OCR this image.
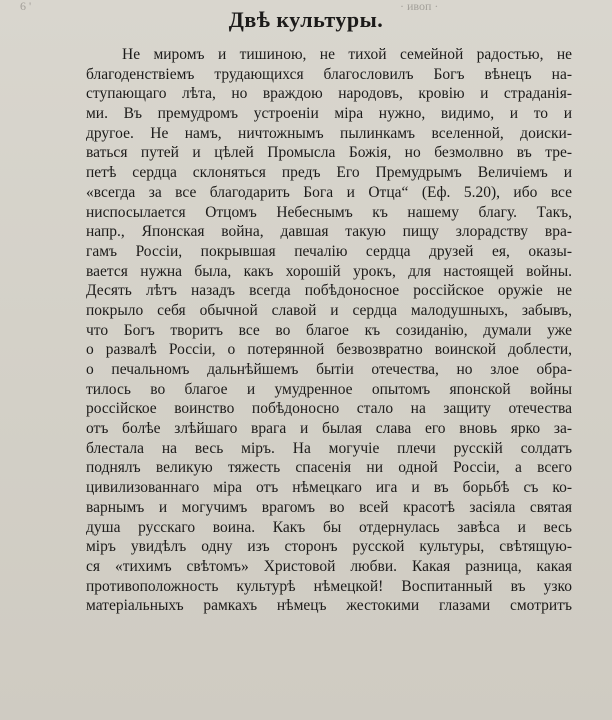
6 '	· ивоп ·
Двѣ культуры.
Не миромъ и тишиною, не тихой семейной радостью, не
благоденствіемъ трудающихся благословилъ Богъ вѣнецъ на-
ступающаго лѣта, но враждою народовъ, кровію и страданія-
ми. Въ премудромъ устроеніи міра нужно, видимо, и то и
другое. Не намъ, ничтожнымъ пылинкамъ вселенной, доиски-
ваться путей и цѣлей Промысла Божія, но безмолвно въ тре-
петѣ сердца склоняться предъ Его Премудрымъ Величіемъ и
«всегда за все благодарить Бога и Отца“ (Еф. 5.20), ибо все
ниспосылается Отцомъ Небеснымъ къ нашему благу. Такъ,
напр., Японская война, давшая такую пищу злорадству вра-
гамъ Россіи, покрывшая печалію сердца друзей ея, оказы-
вается нужна была, какъ хорошій урокъ, для настоящей войны.
Десять лѣтъ назадъ всегда побѣдоносное россійское оружіе не
покрыло себя обычной славой и сердца малодушныхъ, забывъ,
что Богъ творитъ все во благое къ созиданію, думали уже
о развалѣ Россіи, о потерянной безвозвратно воинской доблести,
о печальномъ дальнѣйшемъ бытіи отечества, но злое обра-
тилось во благое и умудренное опытомъ японской войны
россійское воинство побѣдоносно стало на защиту отечества
отъ болѣе злѣйшаго врага и былая слава его вновь ярко за-
блестала на весь міръ. На могучіе плечи русскій солдатъ
поднялъ великую тяжесть спасенія ни одной Россіи, а всего
цивилизованнаго міра отъ нѣмецкаго ига и въ борьбѣ съ ко-
варнымъ и могучимъ врагомъ во всей красотѣ засіяла святая
душа русскаго воина. Какъ бы отдернулась завѣса и весь
міръ увидѣлъ одну изъ сторонъ русской культуры, свѣтящую-
ся «тихимъ свѣтомъ» Христовой любви. Какая разница, какая
противоположность культурѣ нѣмецкой! Воспитанный въ узко
матеріальныхъ рамкахъ нѣмецъ жестокими глазами смотритъ
